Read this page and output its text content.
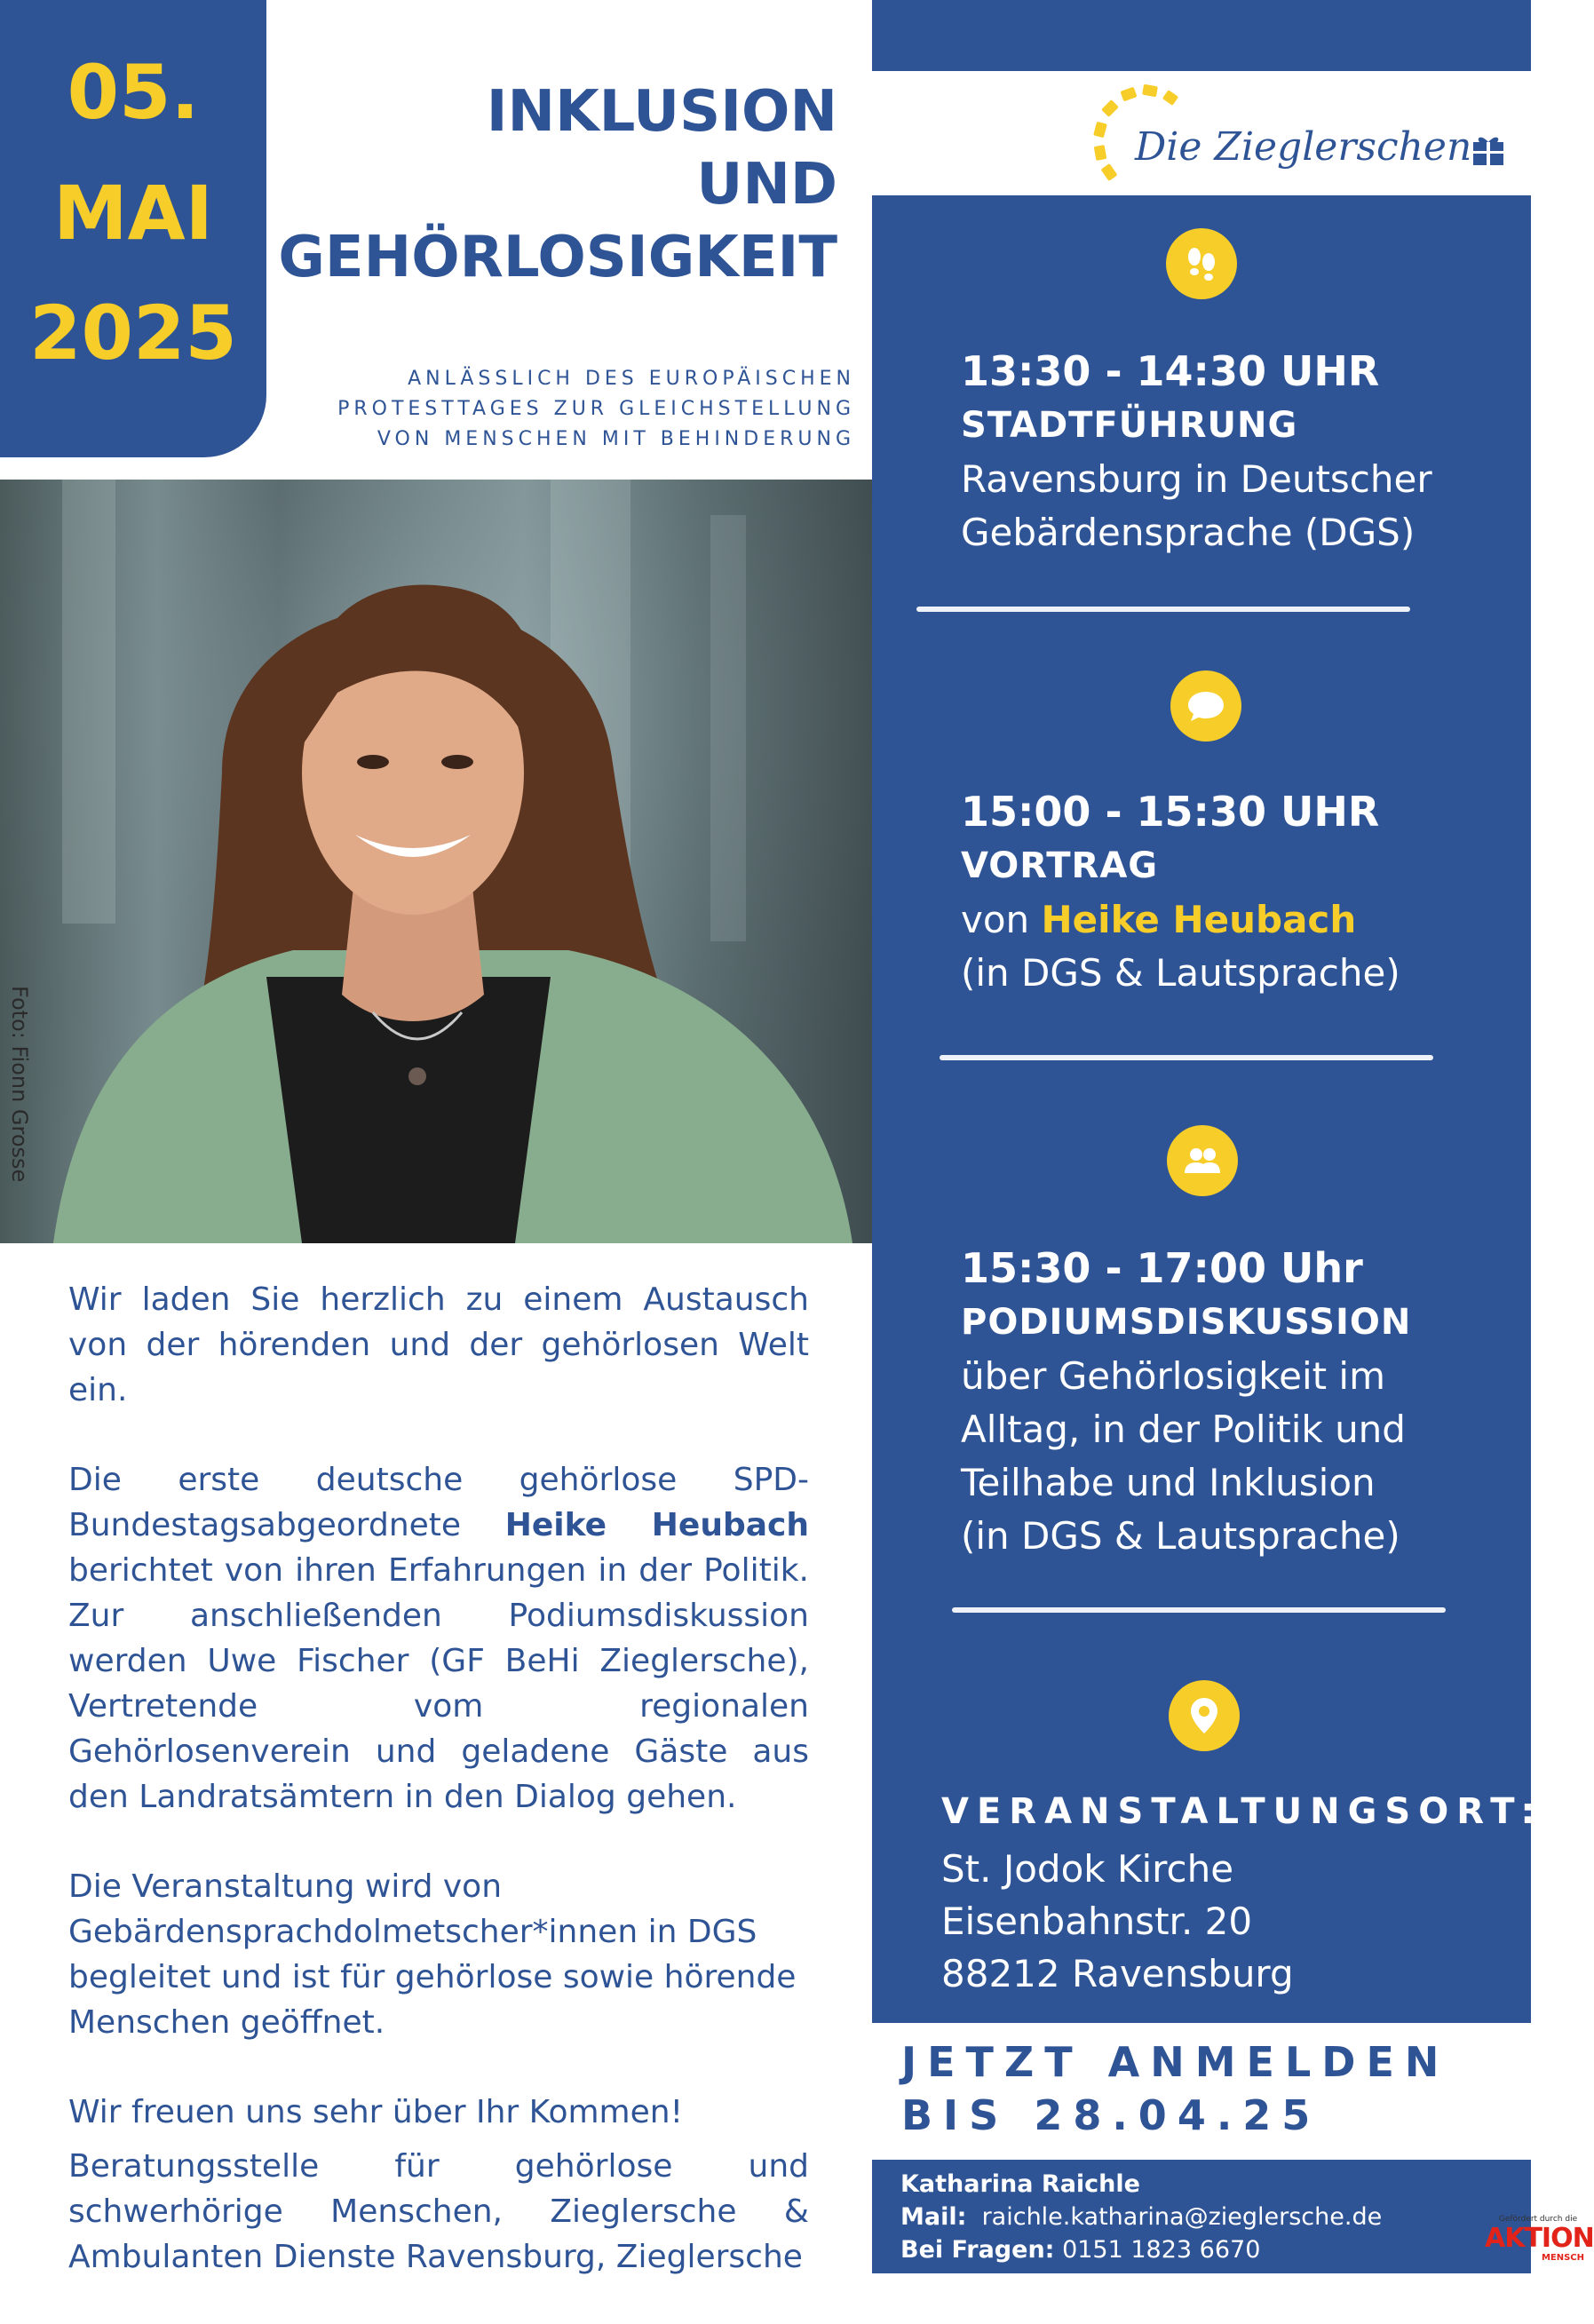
05.
MAI
2025
INKLUSION
UND
GEHÖRLOSIGKEIT
ANLÄSSLICH DES EUROPÄISCHEN
PROTESTTAGES ZUR GLEICHSTELLUNG
VON MENSCHEN MIT BEHINDERUNG
Foto: Fionn Grosse

Wir laden Sie herzlich zu einem Austausch von der hörenden und der gehörlosen Welt ein.

Die erste deutsche gehörlose SPD-Bundestagsabgeordnete Heike Heubach berichtet von ihren Erfahrungen in der Politik. Zur anschließenden Podiumsdiskussion werden Uwe Fischer (GF BeHi Zieglersche), Vertretende vom regionalen Gehörlosenverein und geladene Gäste aus den Landratsämtern in den Dialog gehen.

Die Veranstaltung wird von Gebärdensprachdolmetscher*innen in DGS begleitet und ist für gehörlose sowie hörende Menschen geöffnet.

Wir freuen uns sehr über Ihr Kommen!

Beratungsstelle für gehörlose und schwerhörige Menschen, Zieglersche & Ambulanten Dienste Ravensburg, Zieglersche

Die Zieglerschen
13:30 - 14:30 UHR
STADTFÜHRUNG
Ravensburg in Deutscher
Gebärdensprache (DGS)
15:00 - 15:30 UHR
VORTRAG
von Heike Heubach
(in DGS & Lautsprache)
15:30 - 17:00 Uhr
PODIUMSDISKUSSION
über Gehörlosigkeit im
Alltag, in der Politik und
Teilhabe und Inklusion
(in DGS & Lautsprache)
VERANSTALTUNGSORT:
St. Jodok Kirche
Eisenbahnstr. 20
88212 Ravensburg
JETZT ANMELDEN
BIS 28.04.25
Katharina Raichle
Mail: raichle.katharina@zieglersche.de
Bei Fragen: 0151 1823 6670
Gefördert durch die
AKTION
MENSCH
